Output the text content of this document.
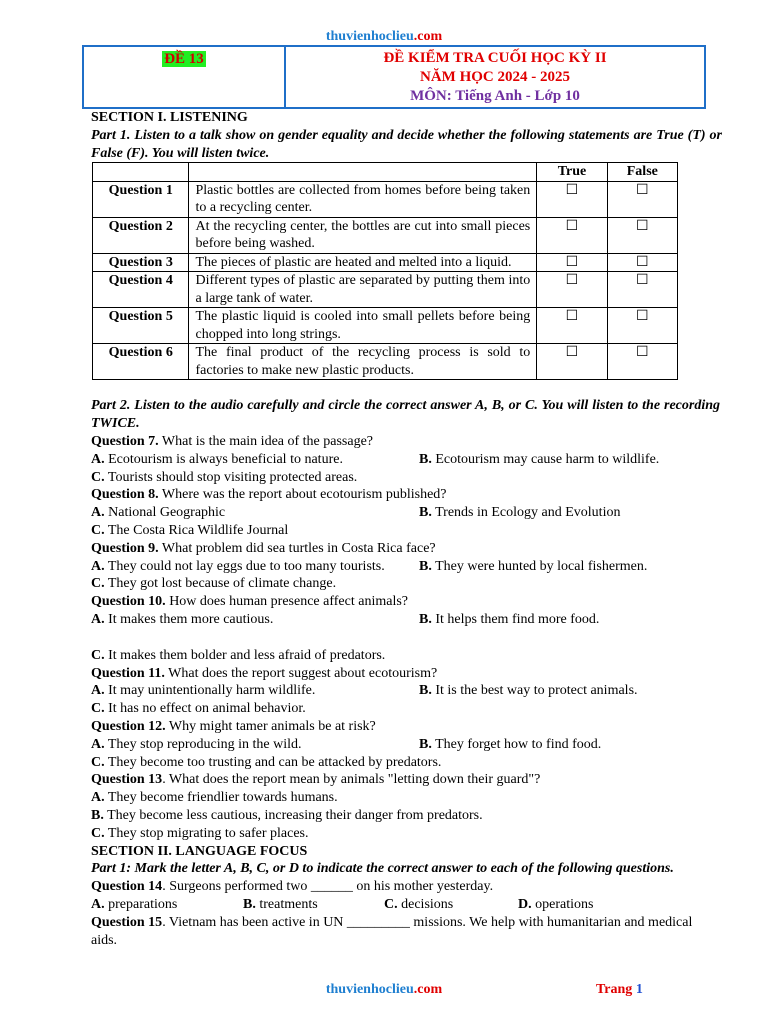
thuvienhoclieu.com
ĐỀ 13	ĐỀ KIỂM TRA CUỐI HỌC KỲ II
NĂM HỌC 2024 - 2025
MÔN: Tiếng Anh - Lớp 10

SECTION I. LISTENING

Part 1. Listen to a talk show on gender equality and decide whether the following statements are True (T) or False (F). You will listen twice.

		True	False
Question 1	Plastic bottles are collected from homes before being taken to a recycling center.	☐	☐
Question 2	At the recycling center, the bottles are cut into small pieces before being washed.	☐	☐
Question 3	The pieces of plastic are heated and melted into a liquid.	☐	☐
Question 4	Different types of plastic are separated by putting them into a large tank of water.	☐	☐
Question 5	The plastic liquid is cooled into small pellets before being chopped into long strings.	☐	☐
Question 6	The final product of the recycling process is sold to factories to make new plastic products.	☐	☐

Part 2. Listen to the audio carefully and circle the correct answer A, B, or C. You will listen to the recording TWICE.

Question 7. What is the main idea of the passage?

A. Ecotourism is always beneficial to nature.	B. Ecotourism may cause harm to wildlife.

C. Tourists should stop visiting protected areas.

Question 8. Where was the report about ecotourism published?

A. National Geographic	B. Trends in Ecology and Evolution

C. The Costa Rica Wildlife Journal

Question 9. What problem did sea turtles in Costa Rica face?

A. They could not lay eggs due to too many tourists.	B. They were hunted by local fishermen.

C. They got lost because of climate change.

Question 10. How does human presence affect animals?

A. It makes them more cautious.	B. It helps them find more food.

C. It makes them bolder and less afraid of predators.

Question 11. What does the report suggest about ecotourism?

A. It may unintentionally harm wildlife.	B. It is the best way to protect animals.

C. It has no effect on animal behavior.

Question 12. Why might tamer animals be at risk?

A. They stop reproducing in the wild.	B. They forget how to find food.

C. They become too trusting and can be attacked by predators.

Question 13. What does the report mean by animals "letting down their guard"?

A. They become friendlier towards humans.

B. They become less cautious, increasing their danger from predators.

C. They stop migrating to safer places.

SECTION II. LANGUAGE FOCUS

Part 1: Mark the letter A, B, C, or D to indicate the correct answer to each of the following questions.

Question 14. Surgeons performed two ______ on his mother yesterday.

A. preparations	B. treatments	C. decisions	D. operations

Question 15. Vietnam has been active in UN _________ missions. We help with humanitarian and medical aids.

thuvienhoclieu.com	Trang 1
